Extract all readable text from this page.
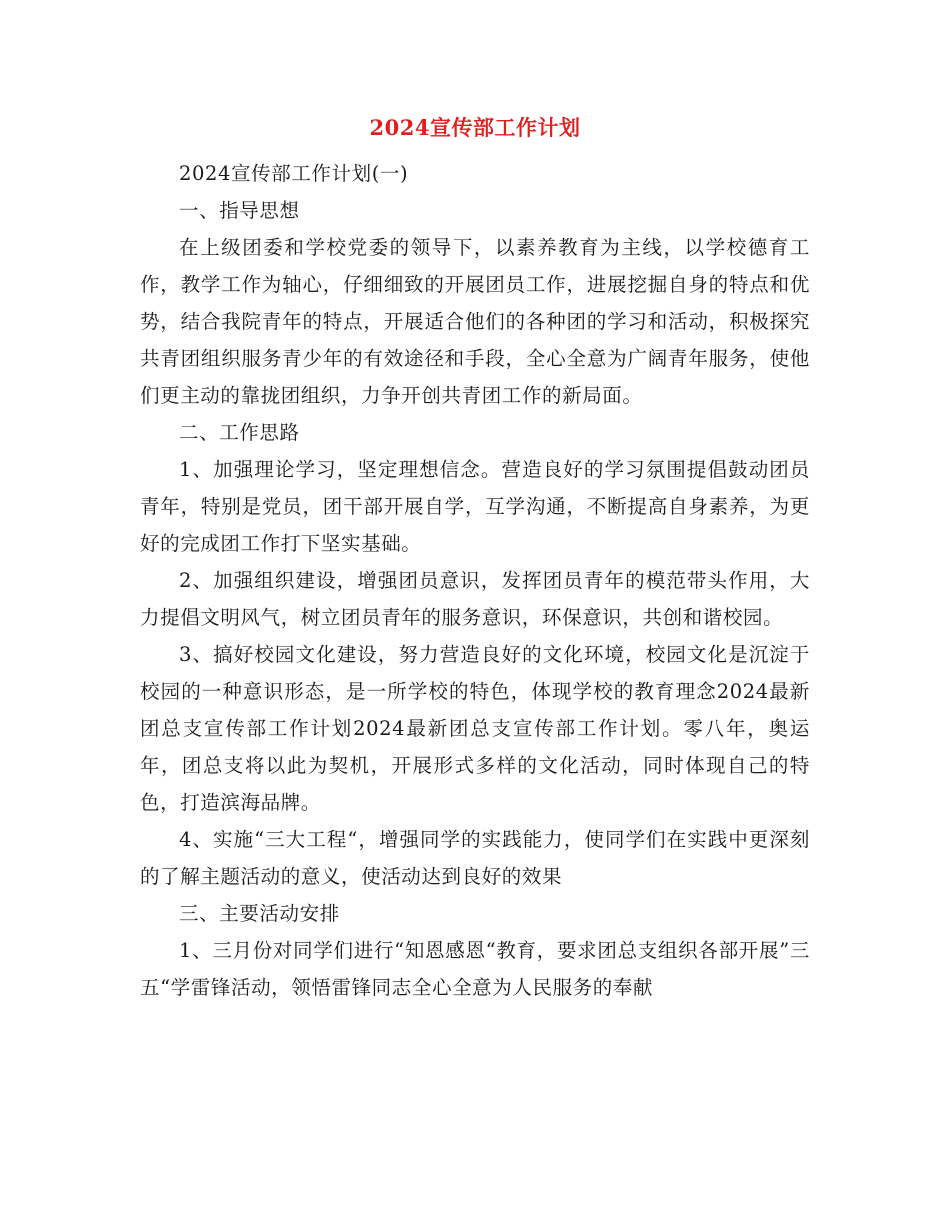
2024宣传部工作计划

2024宣传部工作计划(一)

一、指导思想

在上级团委和学校党委的领导下，以素养教育为主线，以学校德育工作，教学工作为轴心，仔细细致的开展团员工作，进展挖掘自身的特点和优势，结合我院青年的特点，开展适合他们的各种团的学习和活动，积极探究共青团组织服务青少年的有效途径和手段，全心全意为广阔青年服务，使他们更主动的靠拢团组织，力争开创共青团工作的新局面。

二、工作思路

1、加强理论学习，坚定理想信念。营造良好的学习氛围提倡鼓动团员青年，特别是党员，团干部开展自学，互学沟通，不断提高自身素养，为更好的完成团工作打下坚实基础。

2、加强组织建设，增强团员意识，发挥团员青年的模范带头作用，大力提倡文明风气，树立团员青年的服务意识，环保意识，共创和谐校园。

3、搞好校园文化建设，努力营造良好的文化环境，校园文化是沉淀于校园的一种意识形态，是一所学校的特色，体现学校的教育理念2024最新团总支宣传部工作计划2024最新团总支宣传部工作计划。零八年，奥运年，团总支将以此为契机，开展形式多样的文化活动，同时体现自己的特色，打造滨海品牌。

4、实施“三大工程“，增强同学的实践能力，使同学们在实践中更深刻的了解主题活动的意义，使活动达到良好的效果

三、主要活动安排

1、三月份对同学们进行“知恩感恩“教育，要求团总支组织各部开展”三五“学雷锋活动，领悟雷锋同志全心全意为人民服务的奉献
